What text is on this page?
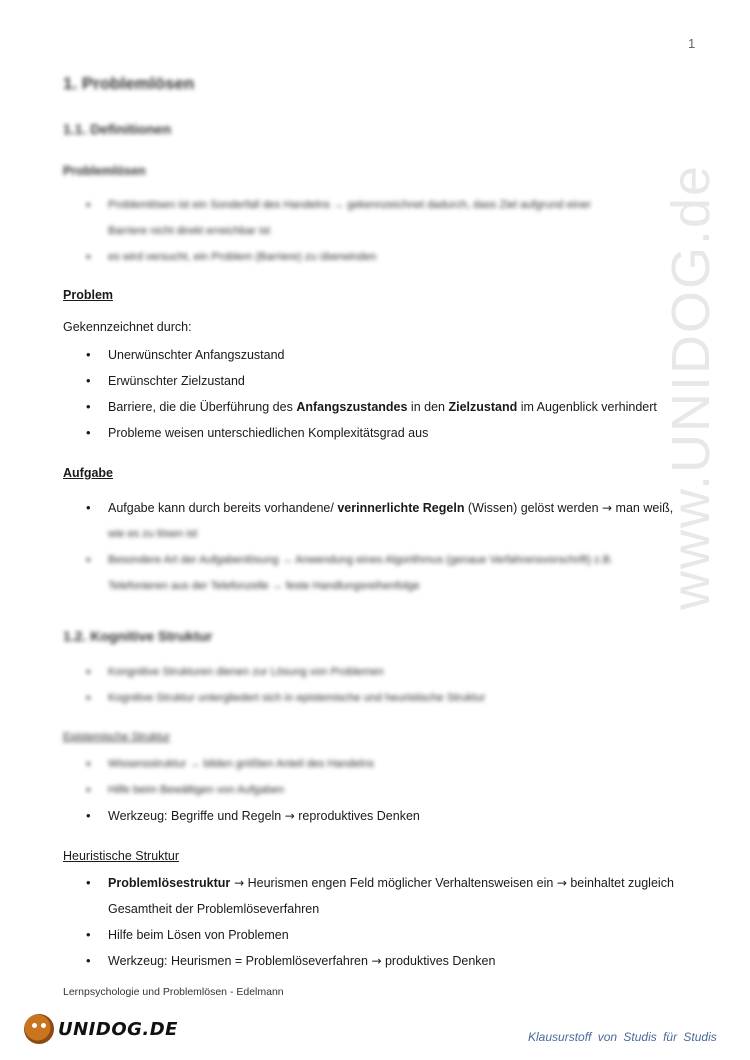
1
www.UNIDOG.de
1. Problemlösen
1.1. Definitionen
Problemlösen
• Problemlösen ist ein Sonderfall des Handelns → gekennzeichnet dadurch, dass Ziel aufgrund einer
Barriere nicht direkt erreichbar ist
• es wird versucht, ein Problem (Barriere) zu überwinden
Problem
Gekennzeichnet durch:
• Unerwünschter Anfangszustand
• Erwünschter Zielzustand
• Barriere, die die Überführung des Anfangszustandes in den Zielzustand im Augenblick verhindert
• Probleme weisen unterschiedlichen Komplexitätsgrad aus
Aufgabe
• Aufgabe kann durch bereits vorhandene/ verinnerlichte Regeln (Wissen) gelöst werden → man weiß,
wie es zu lösen ist
• Besondere Art der Aufgabenlösung → Anwendung eines Algorithmus (genaue Verfahrensvorschrift) z.B.
Telefonieren aus der Telefonzelle → feste Handlungsreihenfolge
1.2. Kognitive Struktur
• Kongnitive Strukturen dienen zur Lösung von Problemen
• Kognitive Struktur untergliedert sich in epistemische und heuristische Struktur
Epistemische Struktur
• Wissensstruktur → bilden größten Anteil des Handelns
• Hilfe beim Bewältigen von Aufgaben
• Werkzeug: Begriffe und Regeln → reproduktives Denken
Heuristische Struktur
• Problemlösestruktur → Heurismen engen Feld möglicher Verhaltensweisen ein → beinhaltet zugleich
Gesamtheit der Problemlöseverfahren
• Hilfe beim Lösen von Problemen
• Werkzeug: Heurismen = Problemlöseverfahren → produktives Denken
Lernpsychologie und Problemlösen - Edelmann
UNIDOG.DE	Klausurstoff von Studis für Studis
